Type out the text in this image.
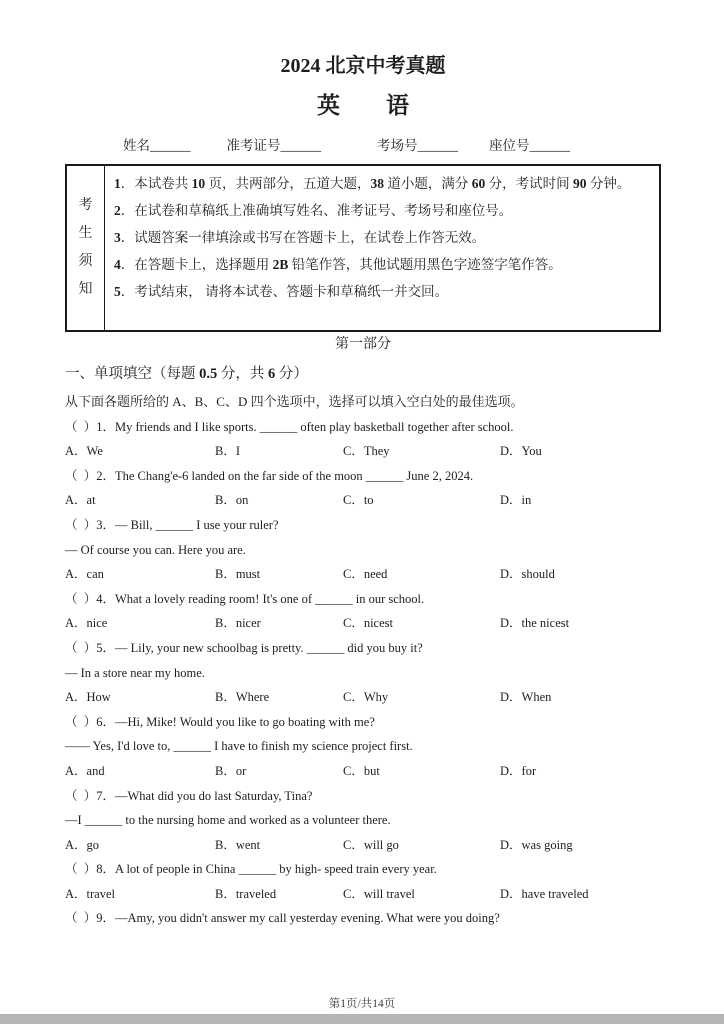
2024 北京中考真题
英　　语
姓名______	准考证号______	考场号______ 座位号______
考生须知

1．本试卷共 10 页，共两部分，五道大题，38 道小题，满分 60 分，考试时间 90 分钟。

2．在试卷和草稿纸上准确填写姓名、准考证号、考场号和座位号。

3．试题答案一律填涂或书写在答题卡上，在试卷上作答无效。

4．在答题卡上，选择题用 2B 铅笔作答，其他试题用黑色字迹签字笔作答。

5．考试结束， 请将本试卷、答题卡和草稿纸一并交回。

第一部分
一、单项填空（每题 0.5 分，共 6 分）

从下面各题所给的 A、B、C、D 四个选项中，选择可以填入空白处的最佳选项。

（  ）1．My friends and I like sports. ______ often play basketball together after school.

A．We	B．I	C．They	D．You

（  ）2．The Chang'e-6 landed on the far side of the moon ______ June 2, 2024.

A．at	B．on	C．to	D．in

（  ）3．— Bill, ______ I use your ruler?

— Of course you can. Here you are.

A．can	B．must	C．need	D．should

（  ）4．What a lovely reading room! It's one of ______ in our school.

A．nice	B．nicer	C．nicest	D．the nicest

（  ）5．— Lily, your new schoolbag is pretty. ______ did you buy it?

— In a store near my home.

A．How	B．Where	C．Why	D．When

（  ）6．—Hi, Mike! Would you like to go boating with me?

—— Yes, I'd love to, ______ I have to finish my science project first.

A．and	B．or	C．but	D．for

（  ）7．—What did you do last Saturday, Tina?

—I ______ to the nursing home and worked as a volunteer there.

A．go	B．went	C．will go	D．was going

（  ）8．A lot of people in China ______ by high- speed train every year.

A．travel	B．traveled	C．will travel	D．have traveled

（  ）9．—Amy, you didn't answer my call yesterday evening. What were you doing?

第1页/共14页
